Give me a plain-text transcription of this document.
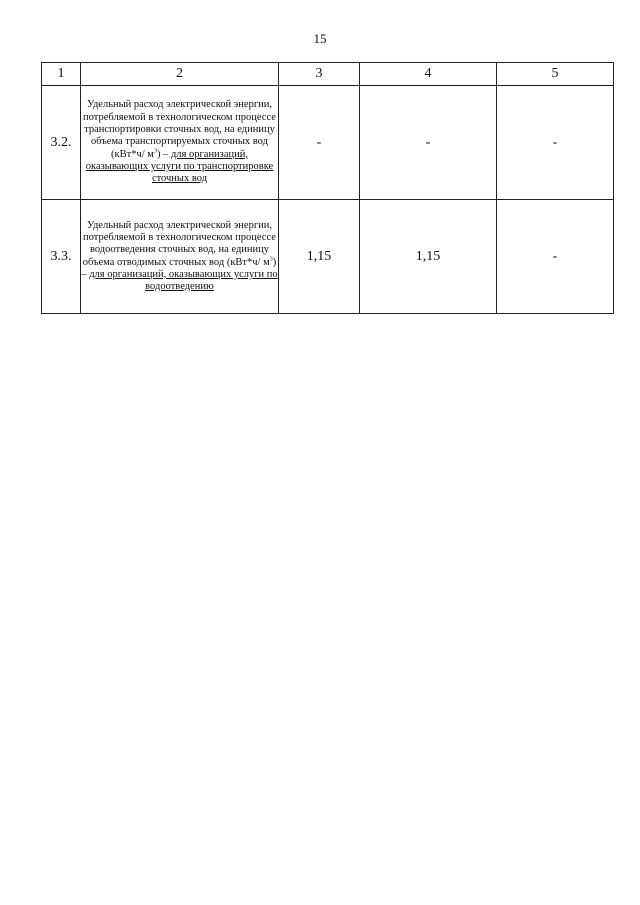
15
1	2	3	4	5
3.2.	Удельный расход электрической энергии, потребляемой в технологическом процессе транспортировки сточных вод, на единицу объема транспортируемых сточных вод (кВт*ч/ $м^3$) – для организаций, оказывающих услуги по транспортировке сточных вод	-	-	-
3.3.	Удельный расход электрической энергии, потребляемой в технологическом процессе водоотведения сточных вод, на единицу объема отводимых сточных вод (кВт*ч/ $м^3$) – для организаций, оказывающих услуги по водоотведению	1,15	1,15	-
